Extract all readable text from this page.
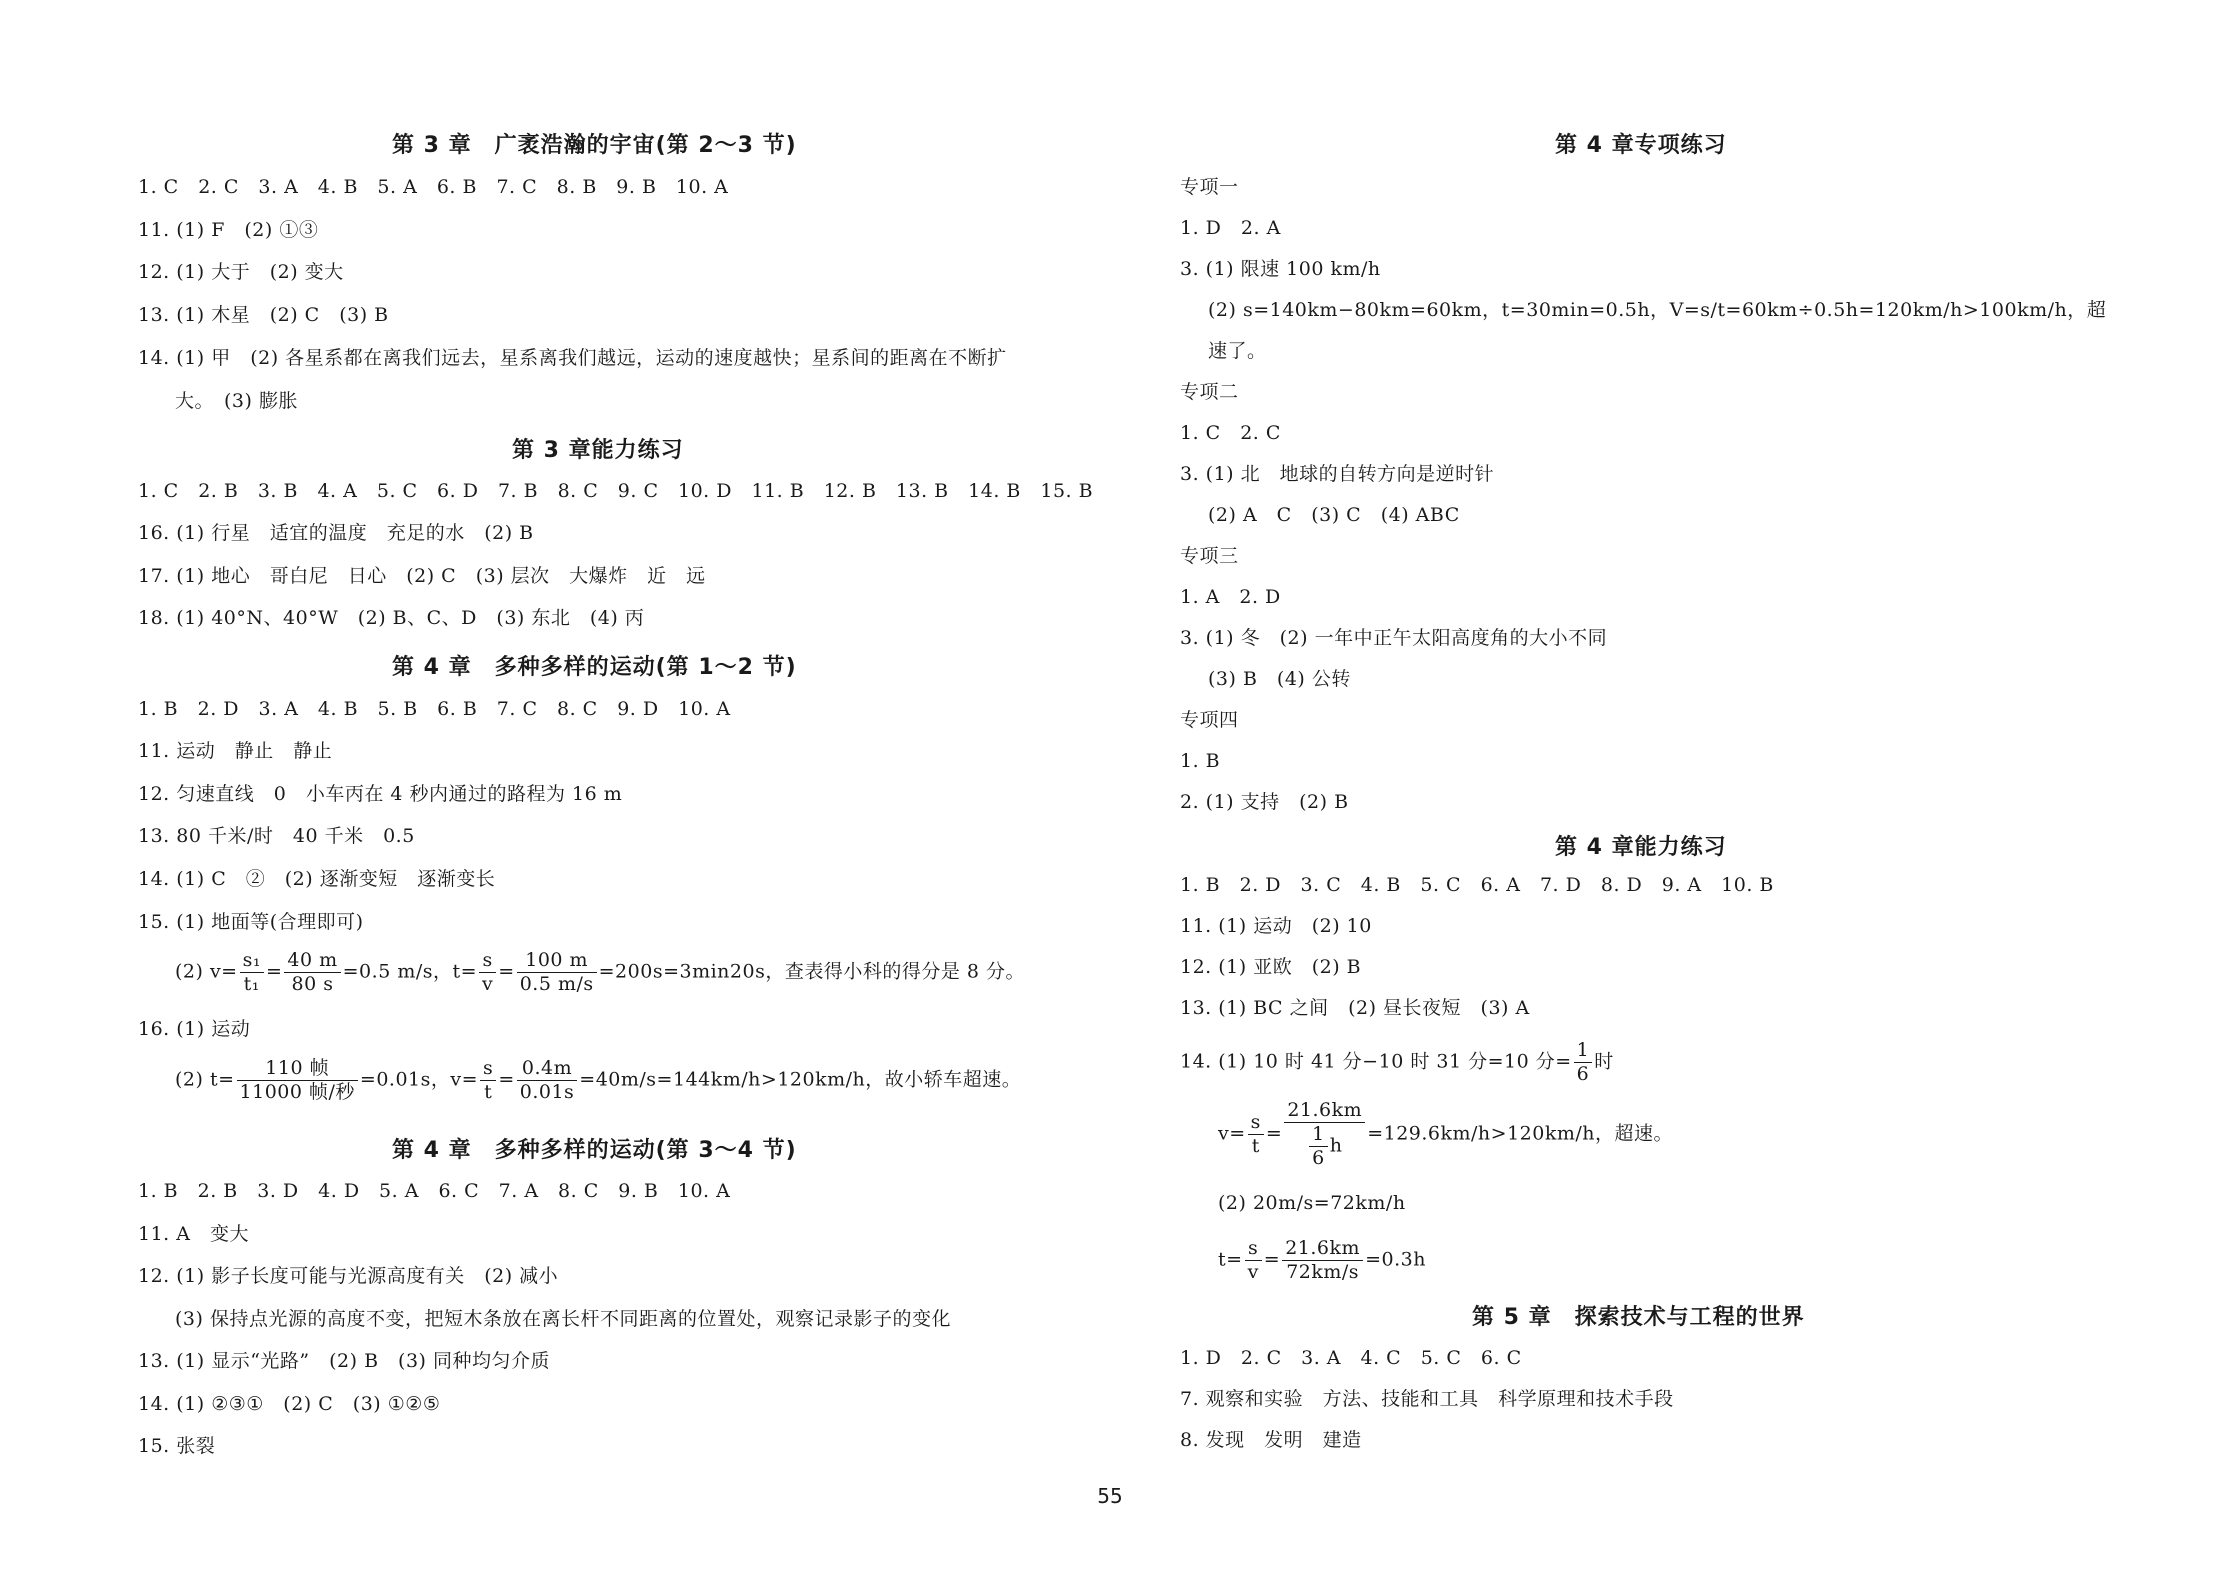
第 3 章　广袤浩瀚的宇宙(第 2～3 节)
1. C　2. C　3. A　4. B　5. A　6. B　7. C　8. B　9. B　10. A
11. (1) F　(2) ①③
12. (1) 大于　(2) 变大
13. (1) 木星　(2) C　(3) B
14. (1) 甲　(2) 各星系都在离我们远去，星系离我们越远，运动的速度越快；星系间的距离在不断扩
大。　(3) 膨胀
第 3 章能力练习
1. C　2. B　3. B　4. A　5. C　6. D　7. B　8. C　9. C　10. D　11. B　12. B　13. B　14. B　15. B
16. (1) 行星　适宜的温度　充足的水　(2) B
17. (1) 地心　哥白尼　日心　(2) C　(3) 层次　大爆炸　近　远
18. (1) 40°N、40°W　(2) B、C、D　(3) 东北　(4) 丙
第 4 章　多种多样的运动(第 1～2 节)
1. B　2. D　3. A　4. B　5. B　6. B　7. C　8. C　9. D　10. A
11. 运动　静止　静止
12. 匀速直线　0　小车丙在 4 秒内通过的路程为 16 m
13. 80 千米/时　40 千米　0.5
14. (1) C　②　(2) 逐渐变短　逐渐变长
15. (1) 地面等(合理即可)
(2) $v= \frac{\text{s₁}}{\text{t₁}} = \frac{40 m}{80 s} =0.5$ m/s，$t= \frac{s}{v} = \frac{100 m}{0.5 m/s} =200s=3\min 20s$，查表得小科的得分是 8 分。
16. (1) 运动
(2) $t= \frac{\text{110 帧}}{\text{11000 帧/秒}} =0.01s$，$v= \frac{s}{t} = \frac{0.4m}{0.01s} =40m/s=144km/h>120km/h$，故小轿车超速。
第 4 章　多种多样的运动(第 3～4 节)
1. B　2. B　3. D　4. D　5. A　6. C　7. A　8. C　9. B　10. A
11. A　变大
12. (1) 影子长度可能与光源高度有关　(2) 减小
(3) 保持点光源的高度不变，把短木条放在离长杆不同距离的位置处，观察记录影子的变化
13. (1) 显示“光路”　(2) B　(3) 同种均匀介质
14. (1) ②③①　(2) C　(3) ①②⑤
15. 张裂
第 4 章专项练习
专项一
1. D　2. A
3. (1) 限速 100 km/h
(2) s=140km−80km=60km，t=30min=0.5h，V=s/t=60km÷0.5h=120km/h>100km/h，超
速了。
专项二
1. C　2. C
3. (1) 北　地球的自转方向是逆时针
(2) A　C　(3) C　(4) ABC
专项三
1. A　2. D
3. (1) 冬　(2) 一年中正午太阳高度角的大小不同
(3) B　(4) 公转
专项四
1. B
2. (1) 支持　(2) B
第 4 章能力练习
1. B　2. D　3. C　4. B　5. C　6. A　7. D　8. D　9. A　10. B
11. (1) 运动　(2) 10
12. (1) 亚欧　(2) B
13. (1) BC 之间　(2) 昼长夜短　(3) A
14. (1) 10 时 41 分−10 时 31 分=10 分= $\frac{1}{6}$ 时
$v= \frac{s}{t} = \frac{21.6km}{\frac{1}{6} h} =129.6km/h>120km/h$，超速。
(2) 20m/s=72km/h
$t= \frac{s}{v} = \frac{21.6km}{72km/s} =0.3h$
第 5 章　探索技术与工程的世界
1. D　2. C　3. A　4. C　5. C　6. C
7. 观察和实验　方法、技能和工具　科学原理和技术手段
8. 发现　发明　建造
55
